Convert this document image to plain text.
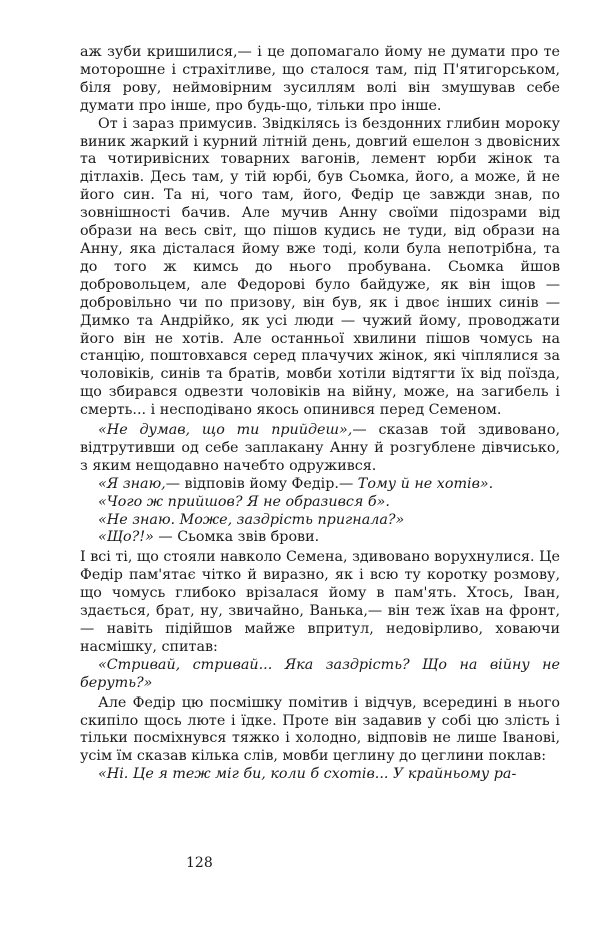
аж зуби кришилися,— і це допомагало йому не думати про те моторошне і страхітливе, що сталося там, під П'ятигорськом, біля рову, неймовірним зусиллям волі він змушував себе думати про інше, про будь-що, тільки про інше.

От і зараз примусив. Звідкілясь із бездонних глибин мороку виник жаркий і курний літній день, довгий ешелон з двовісних та чотиривісних товарних вагонів, лемент юрби жінок та дітлахів. Десь там, у тій юрбі, був Сьомка, його, а може, й не його син. Та ні, чого там, його, Федір це завжди знав, по зовнішності бачив. Але мучив Анну своїми підозрами від образи на весь світ, що пішов кудись не туди, від образи на Анну, яка дісталася йому вже тоді, коли була непотрібна, та до того ж кимсь до нього пробувана. Сьомка йшов добровольцем, але Федорові було байдуже, як він іщов — добровільно чи по призову, він був, як і двоє інших синів — Димко та Андрійко, як усі люди — чужий йому, проводжати його він не хотів. Але останньої хвилини пішов чомусь на станцію, поштовхався серед плачучих жінок, які чіплялися за чоловіків, синів та братів, мовби хотіли відтягти їх від поїзда, що збирався одвезти чоловіків на війну, може, на загибель і смерть... і несподівано якось опинився перед Семеном.

«Не думав, що ти прийдеш»,— сказав той здивовано, відтрутивши од себе заплакану Анну й розгублене дівчисько, з яким нещодавно начебто одружився.

«Я знаю,— відповів йому Федір.— Тому й не хотів».

«Чого ж прийшов? Я не образився б».

«Не знаю. Може, заздрість пригнала?»

«Що?!» — Сьомка звів брови.

І всі ті, що стояли навколо Семена, здивовано ворухнулися. Це Федір пам'ятає чітко й виразно, як і всю ту коротку розмову, що чомусь глибоко врізалася йому в пам'ять. Хтось, Іван, здається, брат, ну, звичайно, Ванька,— він теж їхав на фронт,— навіть підійшов майже впритул, недовірливо, ховаючи насмішку, спитав:

«Стривай, стривай... Яка заздрість? Що на війну не беруть?»

Але Федір цю посмішку помітив і відчув, всередині в нього скипіло щось люте і їдке. Проте він задавив у собі цю злість і тільки посміхнувся тяжко і холодно, відповів не лише Іванові, усім їм сказав кілька слів, мовби цеглину до цеглини поклав:

«Ні. Це я теж міг би, коли б схотів... У крайньому ра-

128
